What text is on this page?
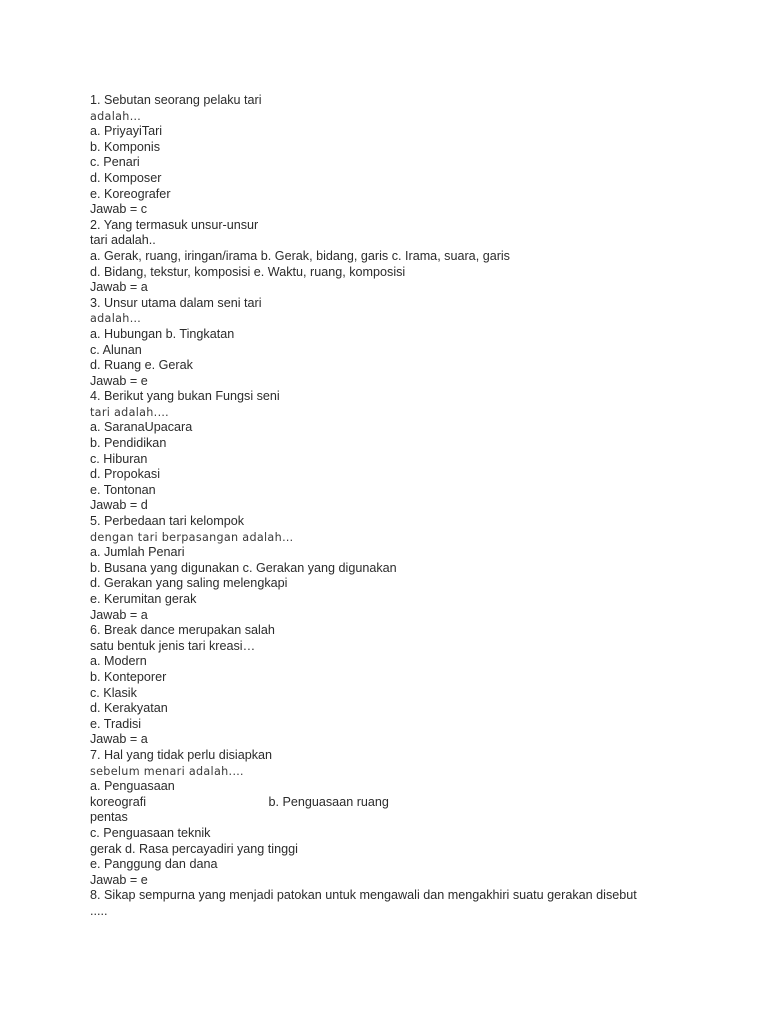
1. Sebutan seorang pelaku tari
adalah…
a. PriyayiTari
b. Komponis
c. Penari
d. Komposer
e. Koreografer
Jawab = c
2. Yang termasuk unsur-unsur
tari adalah..
a. Gerak, ruang, iringan/irama b. Gerak, bidang, garis c. Irama, suara, garis
d. Bidang, tekstur, komposisi e. Waktu, ruang, komposisi
Jawab = a
3. Unsur utama dalam seni tari
adalah…
a. Hubungan b. Tingkatan
c. Alunan
d. Ruang e. Gerak
Jawab = e
4. Berikut yang bukan Fungsi seni
tari adalah.…
a. SaranaUpacara
b. Pendidikan
c. Hiburan
d. Propokasi
e. Tontonan
Jawab = d
5. Perbedaan tari kelompok
dengan tari berpasangan adalah…
a. Jumlah Penari
b. Busana yang digunakan c. Gerakan yang digunakan
d. Gerakan yang saling melengkapi
e. Kerumitan gerak
Jawab = a
6. Break dance merupakan salah
satu bentuk jenis tari kreasi…
a. Modern
b. Konteporer
c. Klasik
d. Kerakyatan
e. Tradisi
Jawab = a
7. Hal yang tidak perlu disiapkan
sebelum menari adalah.…
a. Penguasaan
koreografi                                   b. Penguasaan ruang
pentas
c. Penguasaan teknik
gerak d. Rasa percayadiri yang tinggi
e. Panggung dan dana
Jawab = e
8. Sikap sempurna yang menjadi patokan untuk mengawali dan mengakhiri suatu gerakan disebut
.....
